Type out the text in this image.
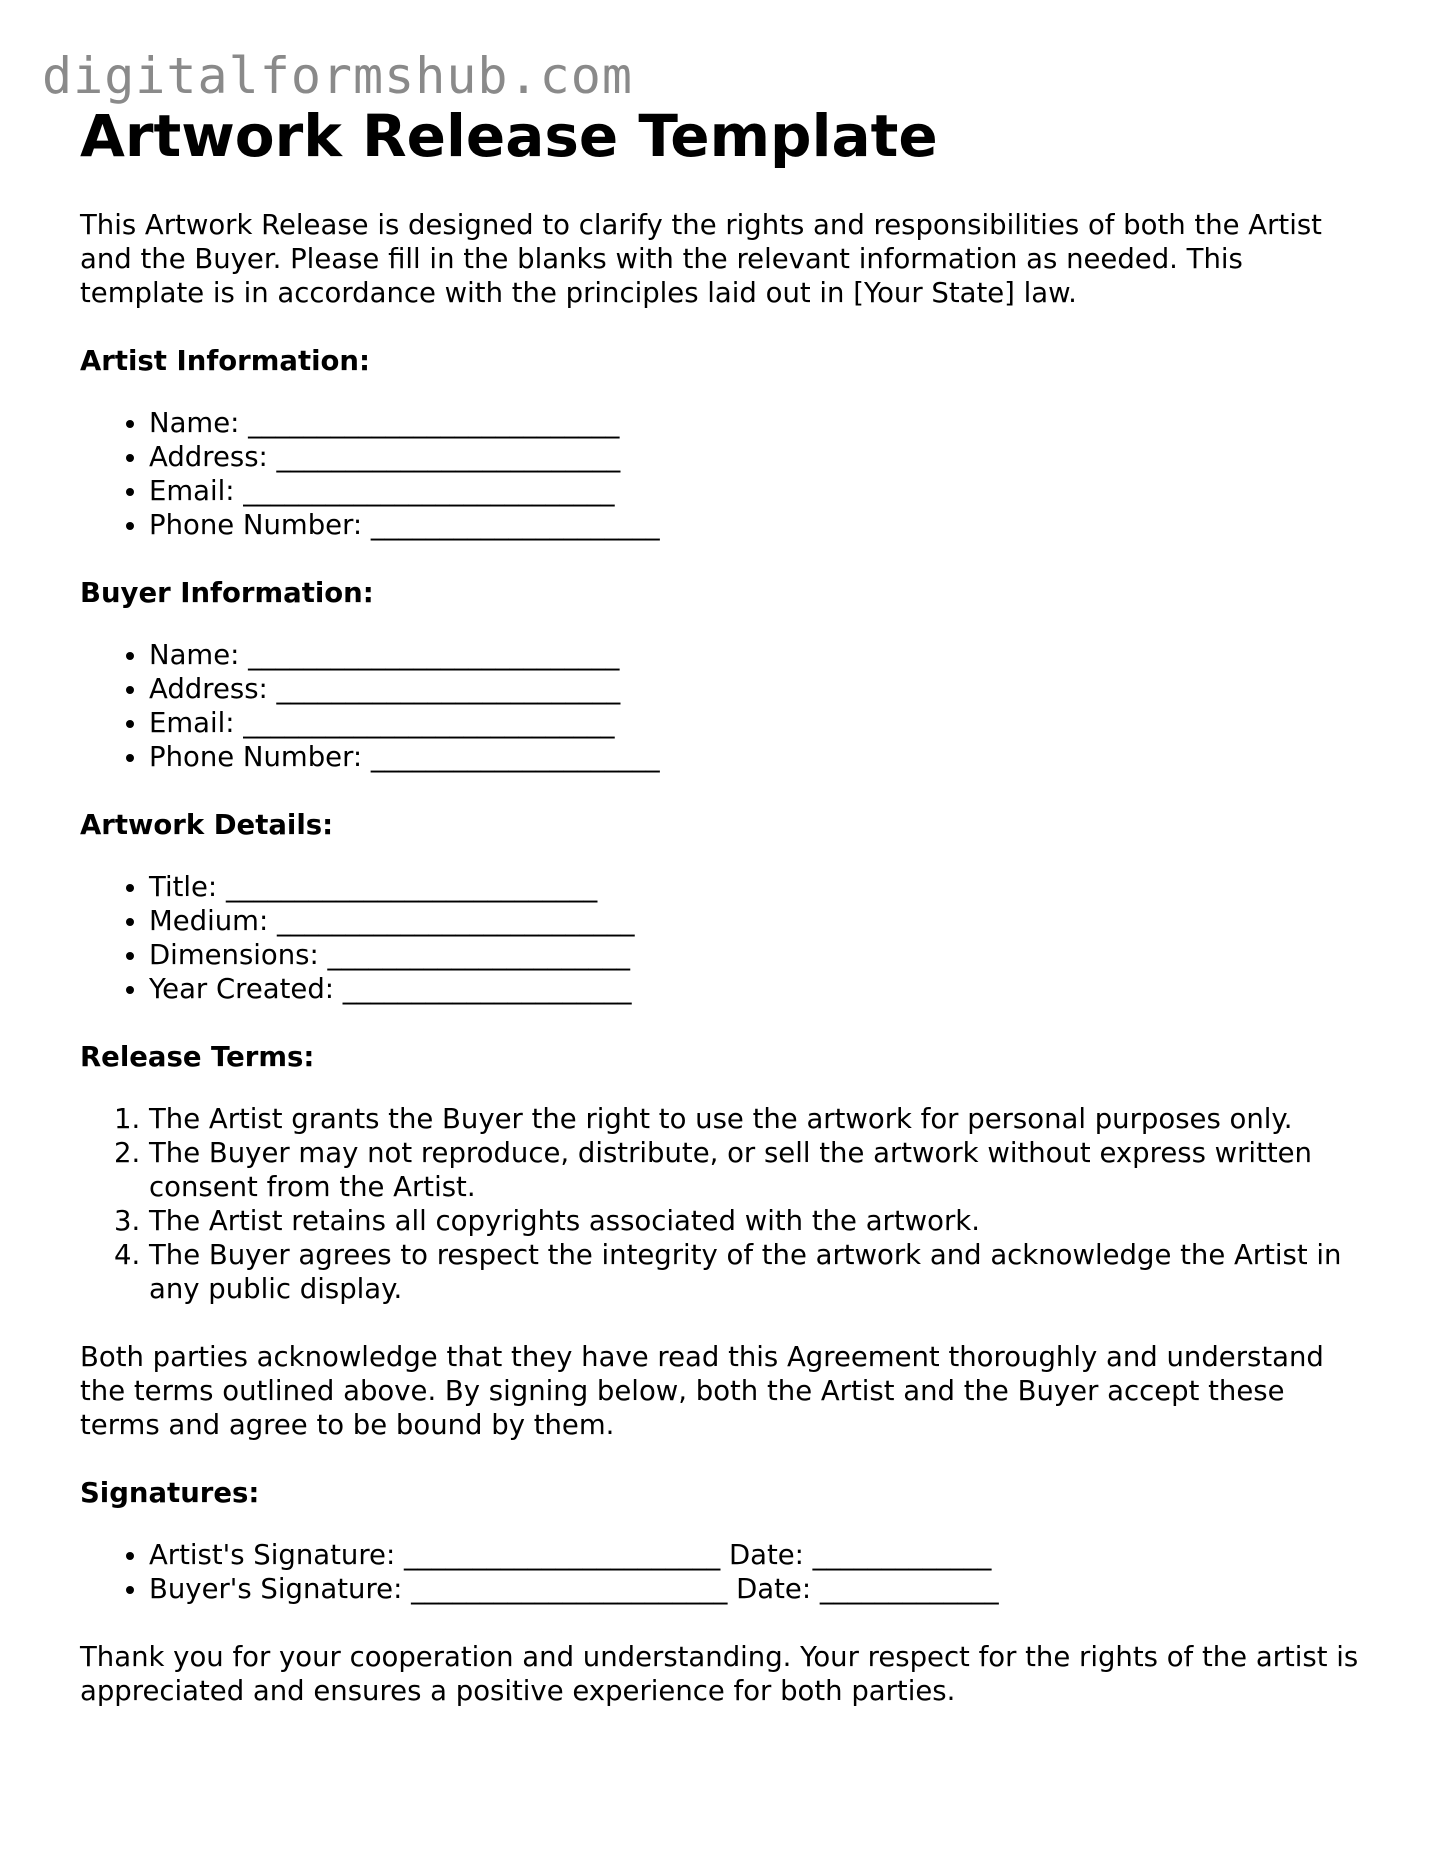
digitalformshub.com
Artwork Release Template

This Artwork Release is designed to clarify the rights and responsibilities of both the Artist and the Buyer. Please fill in the blanks with the relevant information as needed. This template is in accordance with the principles laid out in [Your State] law.

Artist Information:
• Name: ___________________________
• Address: _________________________
• Email: ___________________________
• Phone Number: _____________________
Buyer Information:
• Name: ___________________________
• Address: _________________________
• Email: ___________________________
• Phone Number: _____________________
Artwork Details:
• Title: ___________________________
• Medium: __________________________
• Dimensions: ______________________
• Year Created: _____________________
Release Terms:
1. The Artist grants the Buyer the right to use the artwork for personal purposes only.
2. The Buyer may not reproduce, distribute, or sell the artwork without express written consent from the Artist.
3. The Artist retains all copyrights associated with the artwork.
4. The Buyer agrees to respect the integrity of the artwork and acknowledge the Artist in any public display.

Both parties acknowledge that they have read this Agreement thoroughly and understand the terms outlined above. By signing below, both the Artist and the Buyer accept these terms and agree to be bound by them.

Signatures:
• Artist's Signature: _______________________ Date: _____________
• Buyer's Signature: _______________________ Date: _____________

Thank you for your cooperation and understanding. Your respect for the rights of the artist is appreciated and ensures a positive experience for both parties.
